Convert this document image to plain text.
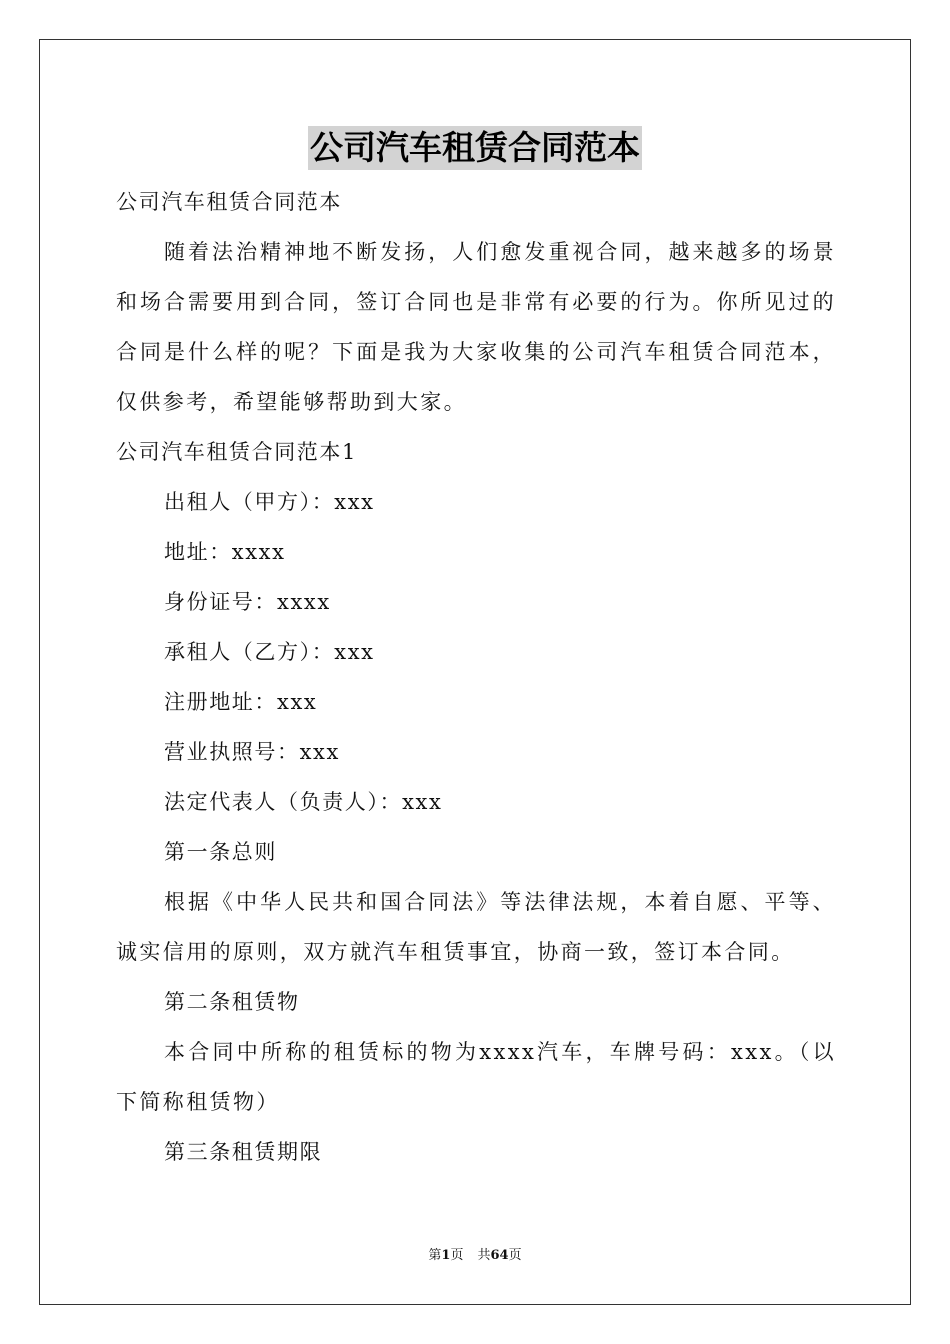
公司汽车租赁合同范本
公司汽车租赁合同范本
随着法治精神地不断发扬，人们愈发重视合同，越来越多的场景和场合需要用到合同，签订合同也是非常有必要的行为。你所见过的合同是什么样的呢？下面是我为大家收集的公司汽车租赁合同范本，仅供参考，希望能够帮助到大家。
公司汽车租赁合同范本1
出租人（甲方）：xxx
地址：xxxx
身份证号：xxxx
承租人（乙方）：xxx
注册地址：xxx
营业执照号：xxx
法定代表人（负责人）：xxx
第一条总则
根据《中华人民共和国合同法》等法律法规，本着自愿、平等、诚实信用的原则，双方就汽车租赁事宜，协商一致，签订本合同。
第二条租赁物
本合同中所称的租赁标的物为xxxx汽车，车牌号码：xxx。（以下简称租赁物）
第三条租赁期限
第1页 共64页
